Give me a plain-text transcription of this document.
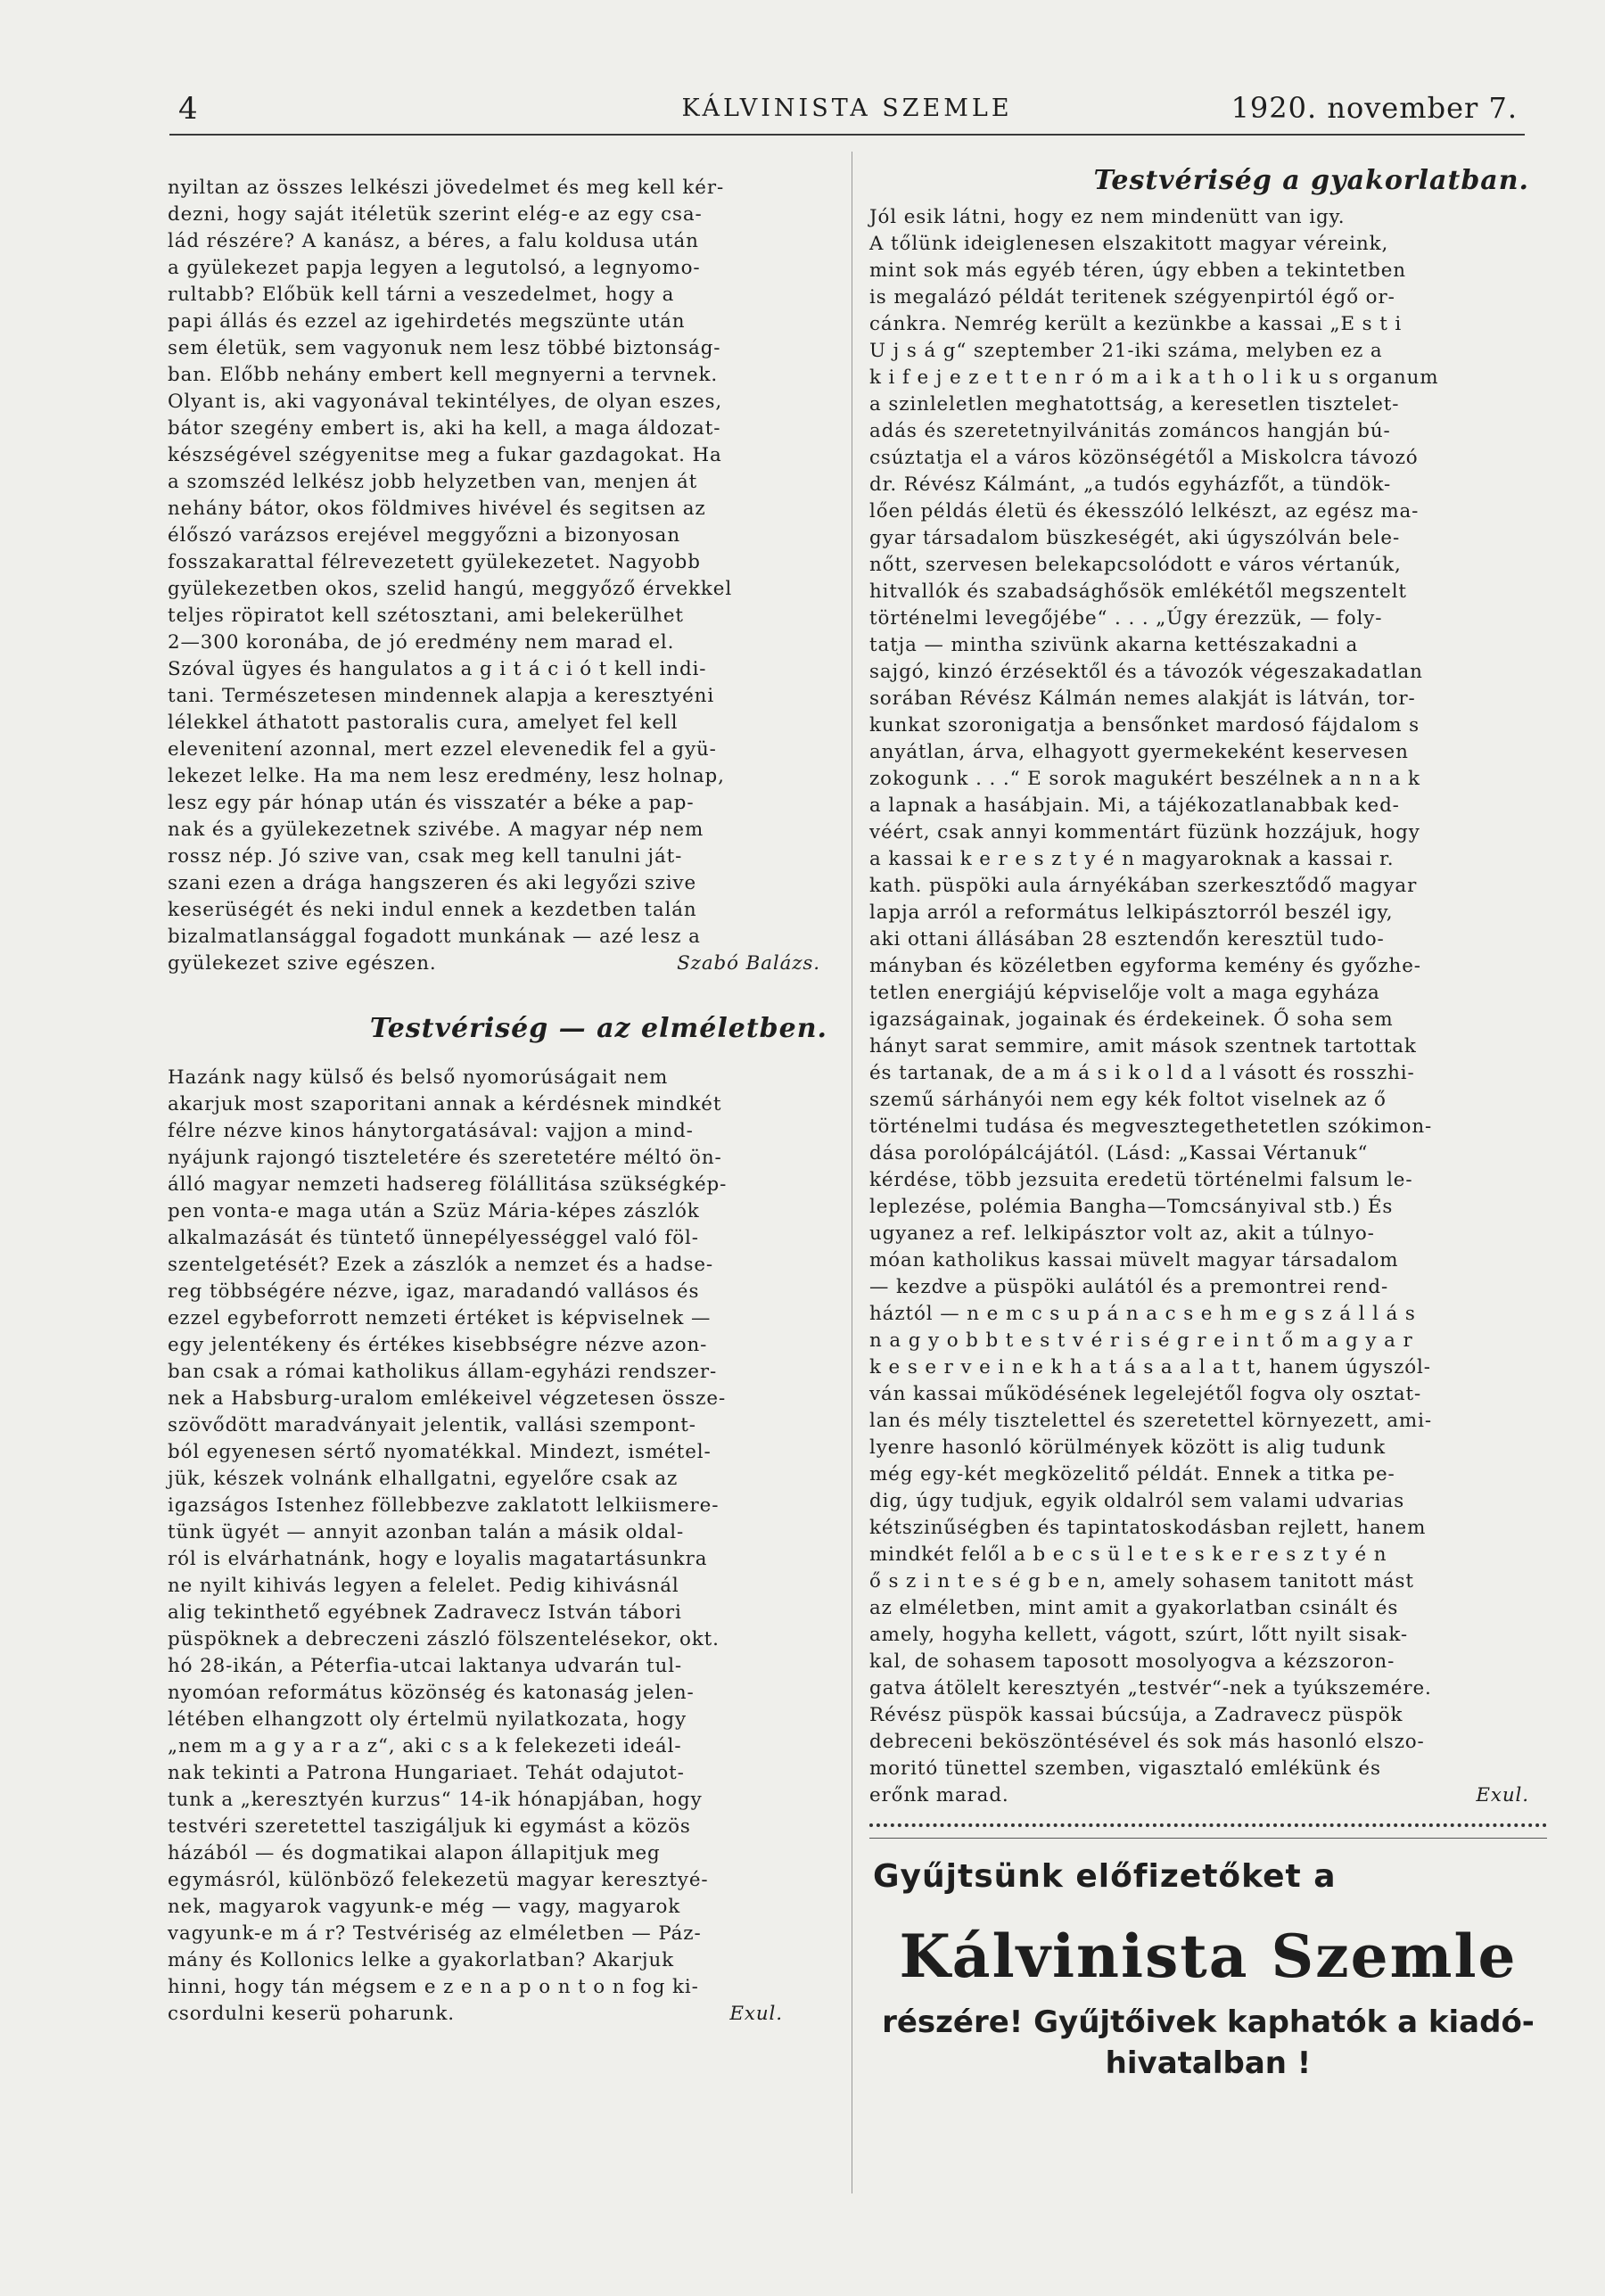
4	KÁLVINISTA SZEMLE	1920. november 7.

nyiltan az összes lelkészi jövedelmet és meg kell kér-
dezni, hogy saját itéletük szerint elég-e az egy csa-
lád részére? A kanász, a béres, a falu koldusa után
a gyülekezet papja legyen a legutolsó, a legnyomo-
rultabb? Előbük kell tárni a veszedelmet, hogy a
papi állás és ezzel az igehirdetés megszünte után
sem életük, sem vagyonuk nem lesz többé biztonság-
ban. Előbb nehány embert kell megnyerni a tervnek.
Olyant is, aki vagyonával tekintélyes, de olyan eszes,
bátor szegény embert is, aki ha kell, a maga áldozat-
készségével szégyenitse meg a fukar gazdagokat. Ha
a szomszéd lelkész jobb helyzetben van, menjen át
nehány bátor, okos földmives hivével és segitsen az
élőszó varázsos erejével meggyőzni a bizonyosan
fosszakarattal félrevezetett gyülekezetet. Nagyobb
gyülekezetben okos, szelid hangú, meggyőző érvekkel
teljes röpiratot kell szétosztani, ami belekerülhet
2—300 koronába, de jó eredmény nem marad el.
Szóval ügyes és hangulatos a g i t á c i ó t kell indi-
tani. Természetesen mindennek alapja a keresztyéni
lélekkel áthatott pastoralis cura, amelyet fel kell
elevenitení azonnal, mert ezzel elevenedik fel a gyü-
lekezet lelke. Ha ma nem lesz eredmény, lesz holnap,
lesz egy pár hónap után és visszatér a béke a pap-
nak és a gyülekezetnek szivébe. A magyar nép nem
rossz nép. Jó szive van, csak meg kell tanulni ját-
szani ezen a drága hangszeren és aki legyőzi szive
keserüségét és neki indul ennek a kezdetben talán
bizalmatlansággal fogadott munkának — azé lesz a
gyülekezet szive egészen.	Szabó Balázs.
Testvériség — az elméletben.

Hazánk nagy külső és belső nyomorúságait nem
akarjuk most szaporitani annak a kérdésnek mindkét
félre nézve kinos hánytorgatásával: vajjon a mind-
nyájunk rajongó tiszteletére és szeretetére méltó ön-
álló magyar nemzeti hadsereg fölállitása szükségkép-
pen vonta-e maga után a Szüz Mária-képes zászlók
alkalmazását és tüntető ünnepélyességgel való föl-
szentelgetését? Ezek a zászlók a nemzet és a hadse-
reg többségére nézve, igaz, maradandó vallásos és
ezzel egybeforrott nemzeti értéket is képviselnek —
egy jelentékeny és értékes kisebbségre nézve azon-
ban csak a római katholikus állam-egyházi rendszer-
nek a Habsburg-uralom emlékeivel végzetesen össze-
szövődött maradványait jelentik, vallási szempont-
ból egyenesen sértő nyomatékkal. Mindezt, ismétel-
jük, készek volnánk elhallgatni, egyelőre csak az
igazságos Istenhez föllebbezve zaklatott lelkiismere-
tünk ügyét — annyit azonban talán a másik oldal-
ról is elvárhatnánk, hogy e loyalis magatartásunkra
ne nyilt kihivás legyen a felelet. Pedig kihivásnál
alig tekinthető egyébnek Zadravecz István tábori
püspöknek a debreczeni zászló fölszentelésekor, okt.
hó 28-ikán, a Péterfia-utcai laktanya udvarán tul-
nyomóan református közönség és katonaság jelen-
létében elhangzott oly értelmü nyilatkozata, hogy
„nem m a g y a r a z“, aki c s a k felekezeti ideál-
nak tekinti a Patrona Hungariaet. Tehát odajutot-
tunk a „keresztyén kurzus“ 14-ik hónapjában, hogy
testvéri szeretettel taszigáljuk ki egymást a közös
házából — és dogmatikai alapon állapitjuk meg
egymásról, különböző felekezetü magyar keresztyé-
nek, magyarok vagyunk-e még — vagy, magyarok
vagyunk-e m á r? Testvériség az elméletben — Páz-
mány és Kollonics lelke a gyakorlatban? Akarjuk
hinni, hogy tán mégsem e z e n a p o n t o n fog ki-
csordulni keserü poharunk.	Exul.
Testvériség a gyakorlatban.

Jól esik látni, hogy ez nem mindenütt van igy.
A tőlünk ideiglenesen elszakitott magyar véreink,
mint sok más egyéb téren, úgy ebben a tekintetben
is megalázó példát teritenek szégyenpirtól égő or-
cánkra. Nemrég került a kezünkbe a kassai „E s t i
U j s á g“ szeptember 21-iki száma, melyben ez a
k i f e j e z e t t e n r ó m a i k a t h o l i k u s organum
a szinleletlen meghatottság, a keresetlen tisztelet-
adás és szeretetnyilvánitás zománcos hangján bú-
csúztatja el a város közönségétől a Miskolcra távozó
dr. Révész Kálmánt, „a tudós egyházfőt, a tündök-
lően példás életü és ékesszóló lelkészt, az egész ma-
gyar társadalom büszkeségét, aki úgyszólván bele-
nőtt, szervesen belekapcsolódott e város vértanúk,
hitvallók és szabadsághősök emlékétől megszentelt
történelmi levegőjébe“ . . . „Úgy érezzük, — foly-
tatja — mintha szivünk akarna kettészakadni a
sajgó, kinzó érzésektől és a távozók végeszakadatlan
sorában Révész Kálmán nemes alakját is látván, tor-
kunkat szoronigatja a bensőnket mardosó fájdalom s
anyátlan, árva, elhagyott gyermekeként keservesen
zokogunk . . .“ E sorok magukért beszélnek a n n a k
a lapnak a hasábjain. Mi, a tájékozatlanabbak ked-
véért, csak annyi kommentárt füzünk hozzájuk, hogy
a kassai k e r e s z t y é n magyaroknak a kassai r.
kath. püspöki aula árnyékában szerkesztődő magyar
lapja arról a református lelkipásztorról beszél igy,
aki ottani állásában 28 esztendőn keresztül tudo-
mányban és közéletben egyforma kemény és győzhe-
tetlen energiájú képviselője volt a maga egyháza
igazságainak, jogainak és érdekeinek. Ő soha sem
hányt sarat semmire, amit mások szentnek tartottak
és tartanak, de a m á s i k o l d a l vásott és rosszhi-
szemű sárhányói nem egy kék foltot viselnek az ő
történelmi tudása és megvesztegethetetlen szókimon-
dása porolópálcájától. (Lásd: „Kassai Vértanuk“
kérdése, több jezsuita eredetü történelmi falsum le-
leplezése, polémia Bangha—Tomcsányival stb.) És
ugyanez a ref. lelkipásztor volt az, akit a túlnyo-
móan katholikus kassai müvelt magyar társadalom
— kezdve a püspöki aulától és a premontrei rend-
háztól — n e m c s u p á n a c s e h m e g s z á l l á s
n a g y o b b t e s t v é r i s é g r e i n t ő m a g y a r
k e s e r v e i n e k h a t á s a a l a t t, hanem úgyszól-
ván kassai működésének legelejétől fogva oly osztat-
lan és mély tisztelettel és szeretettel környezett, ami-
lyenre hasonló körülmények között is alig tudunk
még egy-két megközelitő példát. Ennek a titka pe-
dig, úgy tudjuk, egyik oldalról sem valami udvarias
kétszinűségben és tapintatoskodásban rejlett, hanem
mindkét felől a b e c s ü l e t e s k e r e s z t y é n
ő s z i n t e s é g b e n, amely sohasem tanitott mást
az elméletben, mint amit a gyakorlatban csinált és
amely, hogyha kellett, vágott, szúrt, lőtt nyilt sisak-
kal, de sohasem taposott mosolyogva a kézszoron-
gatva átölelt keresztyén „testvér“-nek a tyúkszemére.
Révész püspök kassai búcsúja, a Zadravecz püspök
debreceni beköszöntésével és sok más hasonló elszo-
moritó tünettel szemben, vigasztaló emlékünk és
erőnk marad.	Exul.
Gyűjtsünk előfizetőket a
Kálvinista Szemle
részére! Gyűjtőivek kaphatók a kiadó-
hivatalban !
